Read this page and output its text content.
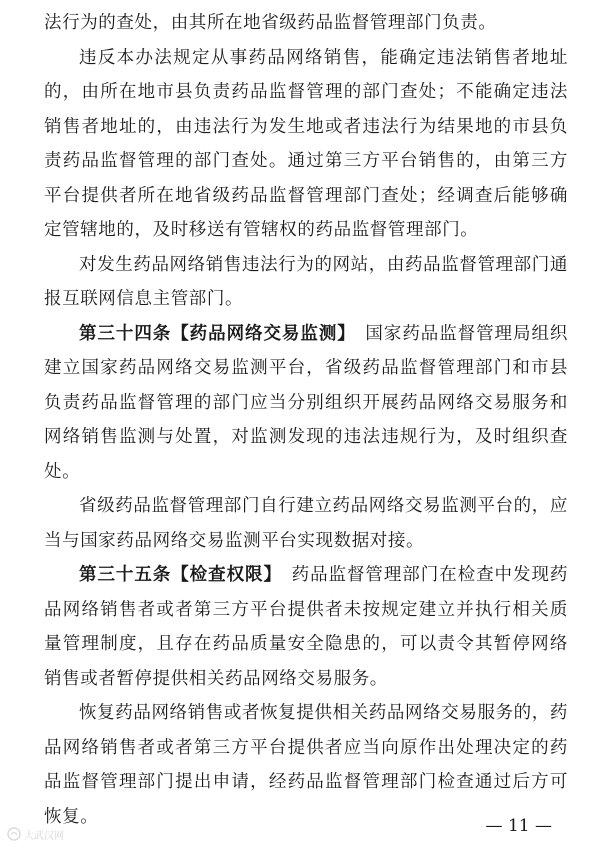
法行为的查处，由其所在地省级药品监督管理部门负责。

违反本办法规定从事药品网络销售，能确定违法销售者地址的，由所在地市县负责药品监督管理的部门查处；不能确定违法销售者地址的，由违法行为发生地或者违法行为结果地的市县负责药品监督管理的部门查处。通过第三方平台销售的，由第三方平台提供者所在地省级药品监督管理部门查处；经调查后能够确定管辖地的，及时移送有管辖权的药品监督管理部门。

对发生药品网络销售违法行为的网站，由药品监督管理部门通报互联网信息主管部门。

第三十四条【药品网络交易监测】　 国家药品监督管理局组织建立国家药品网络交易监测平台，省级药品监督管理部门和市县负责药品监督管理的部门应当分别组织开展药品网络交易服务和网络销售监测与处置，对监测发现的违法违规行为，及时组织查处。

省级药品监督管理部门自行建立药品网络交易监测平台的，应当与国家药品网络交易监测平台实现数据对接。

第三十五条【检查权限】　 药品监督管理部门在检查中发现药品网络销售者或者第三方平台提供者未按规定建立并执行相关质量管理制度，且存在药品质量安全隐患的，可以责令其暂停网络销售或者暂停提供相关药品网络交易服务。

恢复药品网络销售或者恢复提供相关药品网络交易服务的，药品网络销售者或者第三方平台提供者应当向原作出处理决定的药品监督管理部门提出申请，经药品监督管理部门检查通过后方可恢复。	— 11 —
大武汉网
